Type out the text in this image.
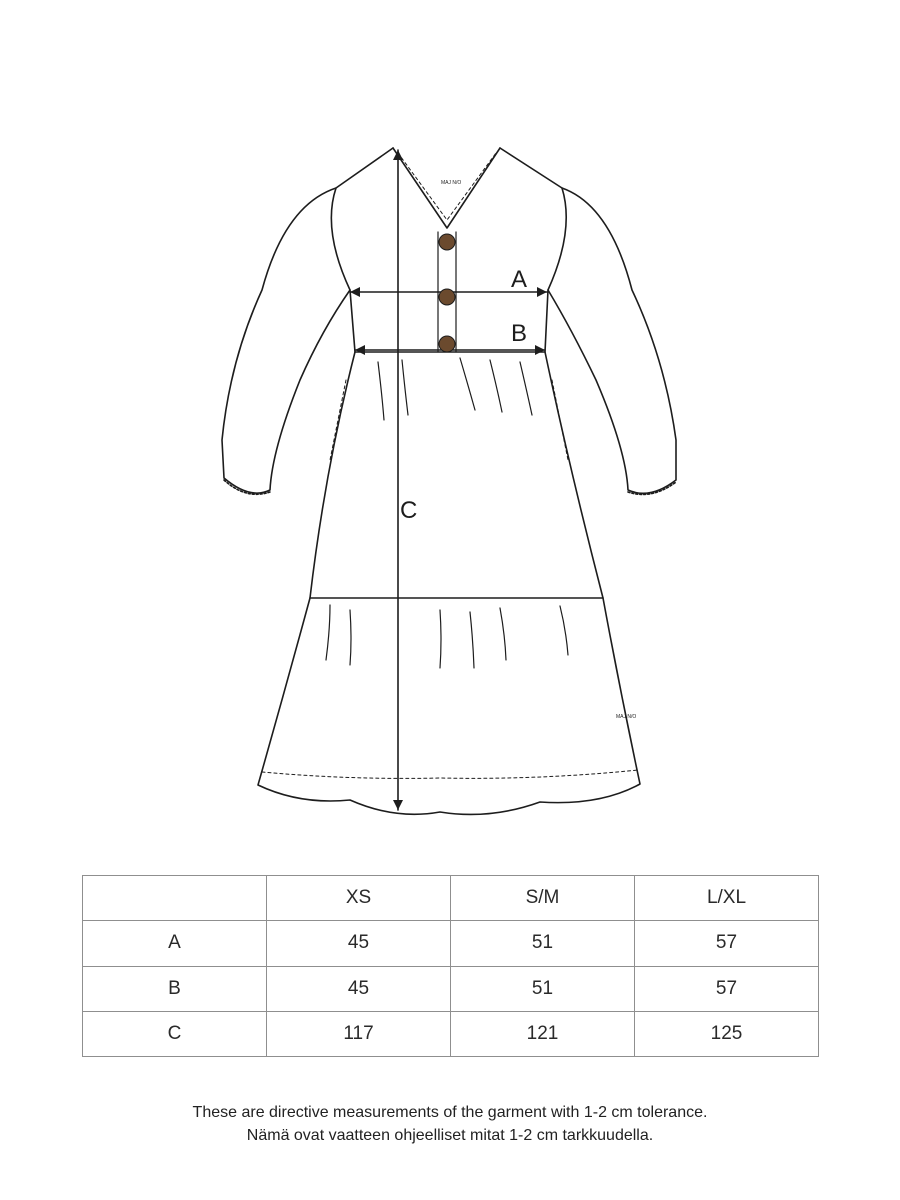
A
B
C
MAJ N/O
MAJ N/O
	XS	S/M	L/XL
A	45	51	57
B	45	51	57
C	117	121	125
These are directive measurements of the garment with 1-2 cm tolerance.
Nämä ovat vaatteen ohjeelliset mitat 1-2 cm tarkkuudella.
